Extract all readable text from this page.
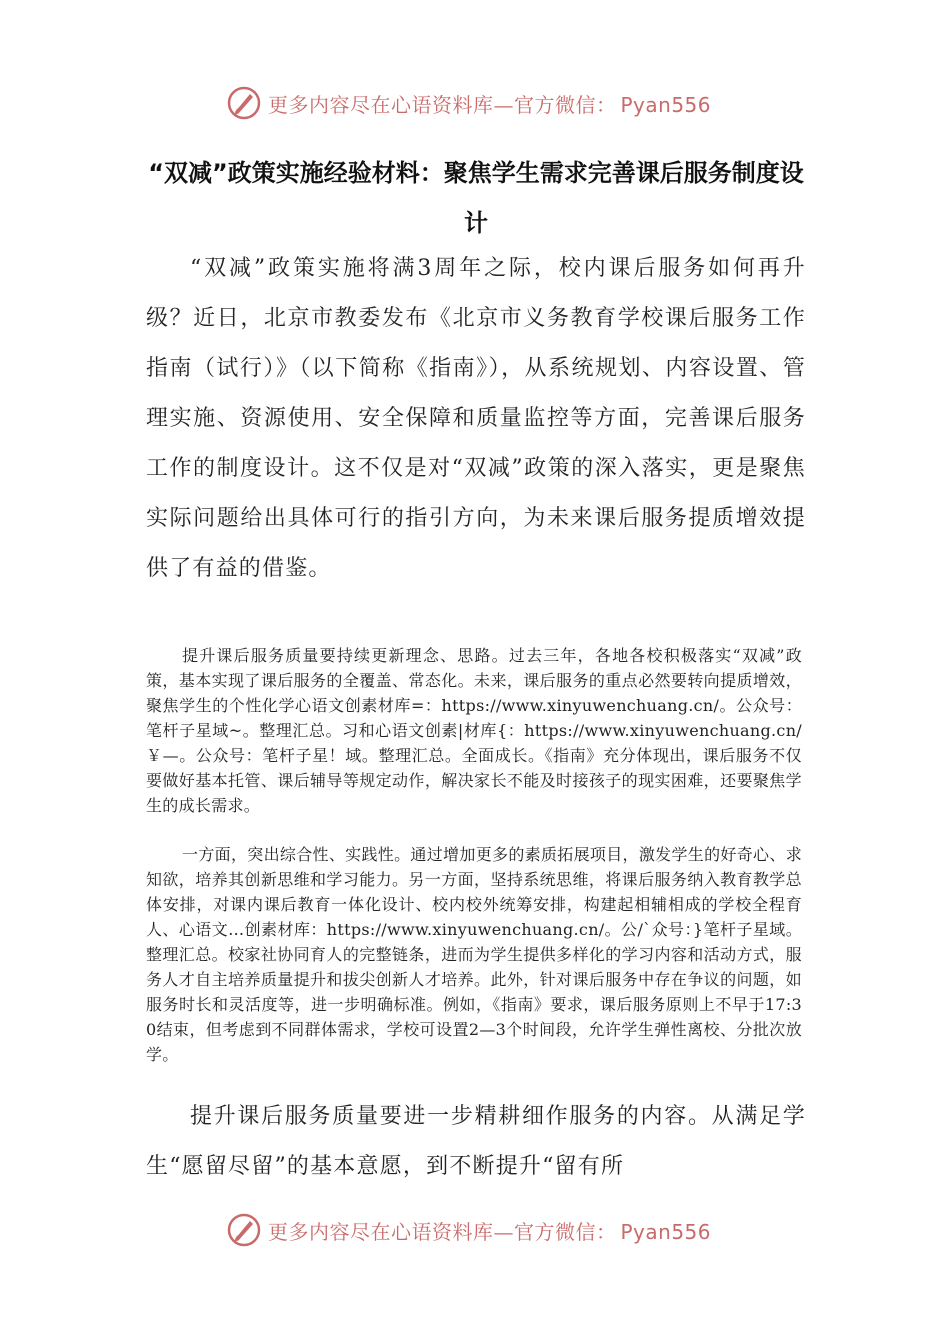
更多内容尽在心语资料库—官方微信： Pyan556
“双减”政策实施经验材料：聚焦学生需求完善课后服务制度设计

“双减”政策实施将满3周年之际，校内课后服务如何再升级？近日，北京市教委发布《北京市义务教育学校课后服务工作指南（试行）》（以下简称《指南》），从系统规划、内容设置、管理实施、资源使用、安全保障和质量监控等方面，完善课后服务工作的制度设计。这不仅是对“双减”政策的深入落实，更是聚焦实际问题给出具体可行的指引方向，为未来课后服务提质增效提供了有益的借鉴。

提升课后服务质量要持续更新理念、思路。过去三年，各地各校积极落实“双减”政策，基本实现了课后服务的全覆盖、常态化。未来，课后服务的重点必然要转向提质增效，聚焦学生的个性化学心语文创素材库=：https://www.xinyuwenchuang.cn/。公众号：笔杆子星域~。整理汇总。习和心语文创素|材库{：https://www.xinyuwenchuang.cn/￥—。公众号：笔杆子星！域。整理汇总。全面成长。《指南》充分体现出，课后服务不仅要做好基本托管、课后辅导等规定动作，解决家长不能及时接孩子的现实困难，还要聚焦学生的成长需求。

一方面，突出综合性、实践性。通过增加更多的素质拓展项目，激发学生的好奇心、求知欲，培养其创新思维和学习能力。另一方面，坚持系统思维，将课后服务纳入教育教学总体安排，对课内课后教育一体化设计、校内校外统筹安排，构建起相辅相成的学校全程育人、心语文…创素材库：https://www.xinyuwenchuang.cn/。公/`众号：}笔杆子星域。整理汇总。校家社协同育人的完整链条，进而为学生提供多样化的学习内容和活动方式，服务人才自主培养质量提升和拔尖创新人才培养。此外，针对课后服务中存在争议的问题，如服务时长和灵活度等，进一步明确标准。例如，《指南》要求，课后服务原则上不早于17:30结束，但考虑到不同群体需求，学校可设置2—3个时间段，允许学生弹性离校、分批次放学。

提升课后服务质量要进一步精耕细作服务的内容。从满足学生“愿留尽留”的基本意愿，到不断提升“留有所

更多内容尽在心语资料库—官方微信： Pyan556
